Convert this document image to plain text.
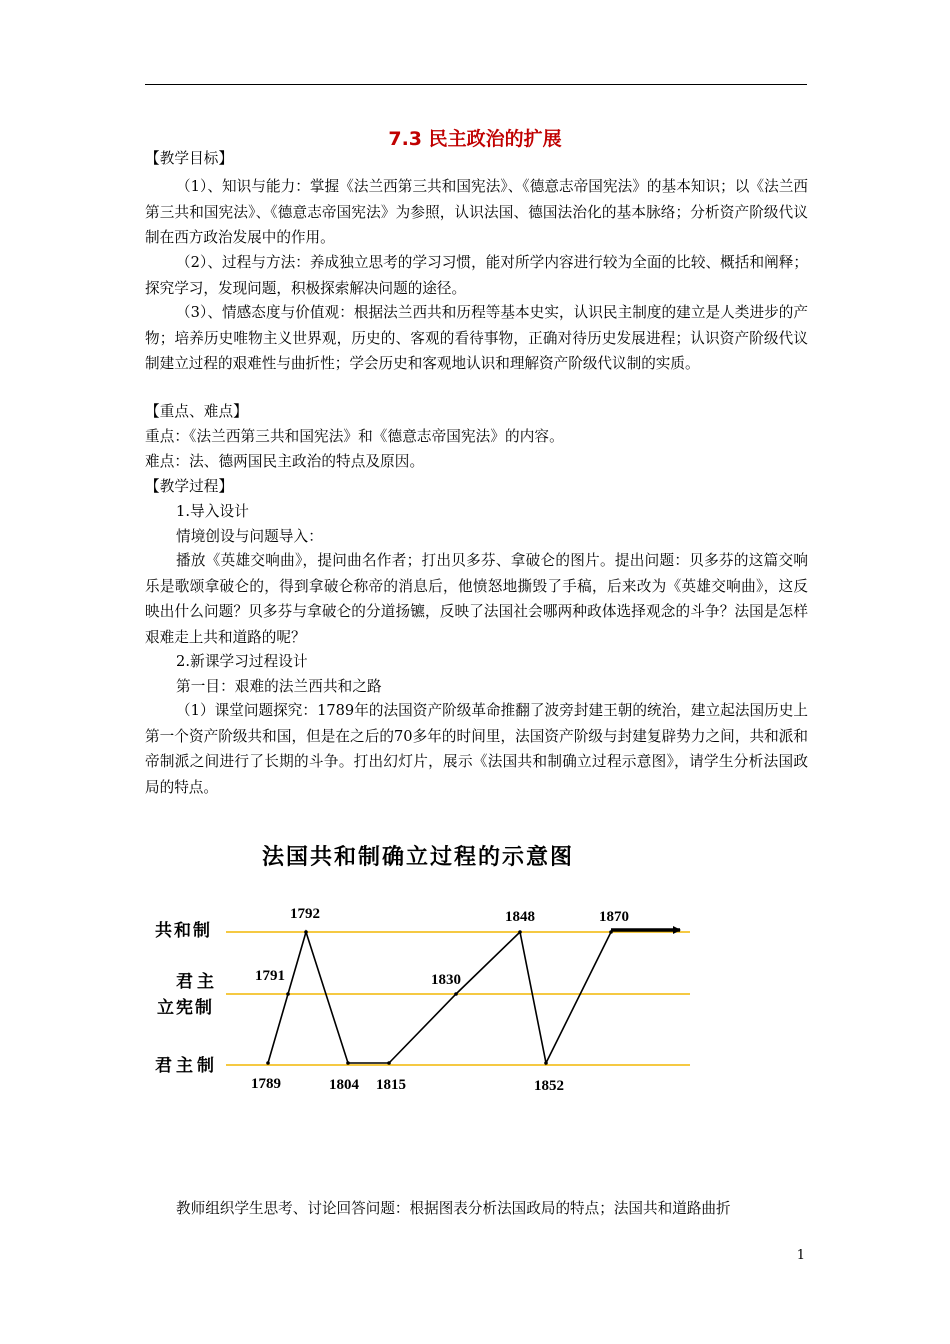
7.3 民主政治的扩展
【教学目标】
（1）、知识与能力：掌握《法兰西第三共和国宪法》、《德意志帝国宪法》的基本知识；以《法兰西第三共和国宪法》、《德意志帝国宪法》为参照，认识法国、德国法治化的基本脉络；分析资产阶级代议制在西方政治发展中的作用。
（2）、过程与方法：养成独立思考的学习习惯，能对所学内容进行较为全面的比较、概括和阐释；探究学习，发现问题，积极探索解决问题的途径。
（3）、情感态度与价值观：根据法兰西共和历程等基本史实，认识民主制度的建立是人类进步的产物；培养历史唯物主义世界观，历史的、客观的看待事物，正确对待历史发展进程；认识资产阶级代议制建立过程的艰难性与曲折性；学会历史和客观地认识和理解资产阶级代议制的实质。
【重点、难点】
重点：《法兰西第三共和国宪法》和《德意志帝国宪法》的内容。
难点：法、德两国民主政治的特点及原因。
【教学过程】
1.导入设计
情境创设与问题导入：
播放《英雄交响曲》，提问曲名作者；打出贝多芬、拿破仑的图片。提出问题：贝多芬的这篇交响乐是歌颂拿破仑的，得到拿破仑称帝的消息后，他愤怒地撕毁了手稿，后来改为《英雄交响曲》，这反映出什么问题？贝多芬与拿破仑的分道扬镳，反映了法国社会哪两种政体选择观念的斗争？法国是怎样艰难走上共和道路的呢？
2.新课学习过程设计
第一目：艰难的法兰西共和之路
（1）课堂问题探究：1789年的法国资产阶级革命推翻了波旁封建王朝的统治，建立起法国历史上第一个资产阶级共和国，但是在之后的70多年的时间里，法国资产阶级与封建复辟势力之间，共和派和帝制派之间进行了长期的斗争。打出幻灯片，展示《法国共和制确立过程示意图》，请学生分析法国政局的特点。
法国共和制确立过程的示意图
共和制
君主
立宪制
君主制
1789
1791
1792
1804 1815
1830
1848
1852
1870
教师组织学生思考、讨论回答问题：根据图表分析法国政局的特点；法国共和道路曲折
1
